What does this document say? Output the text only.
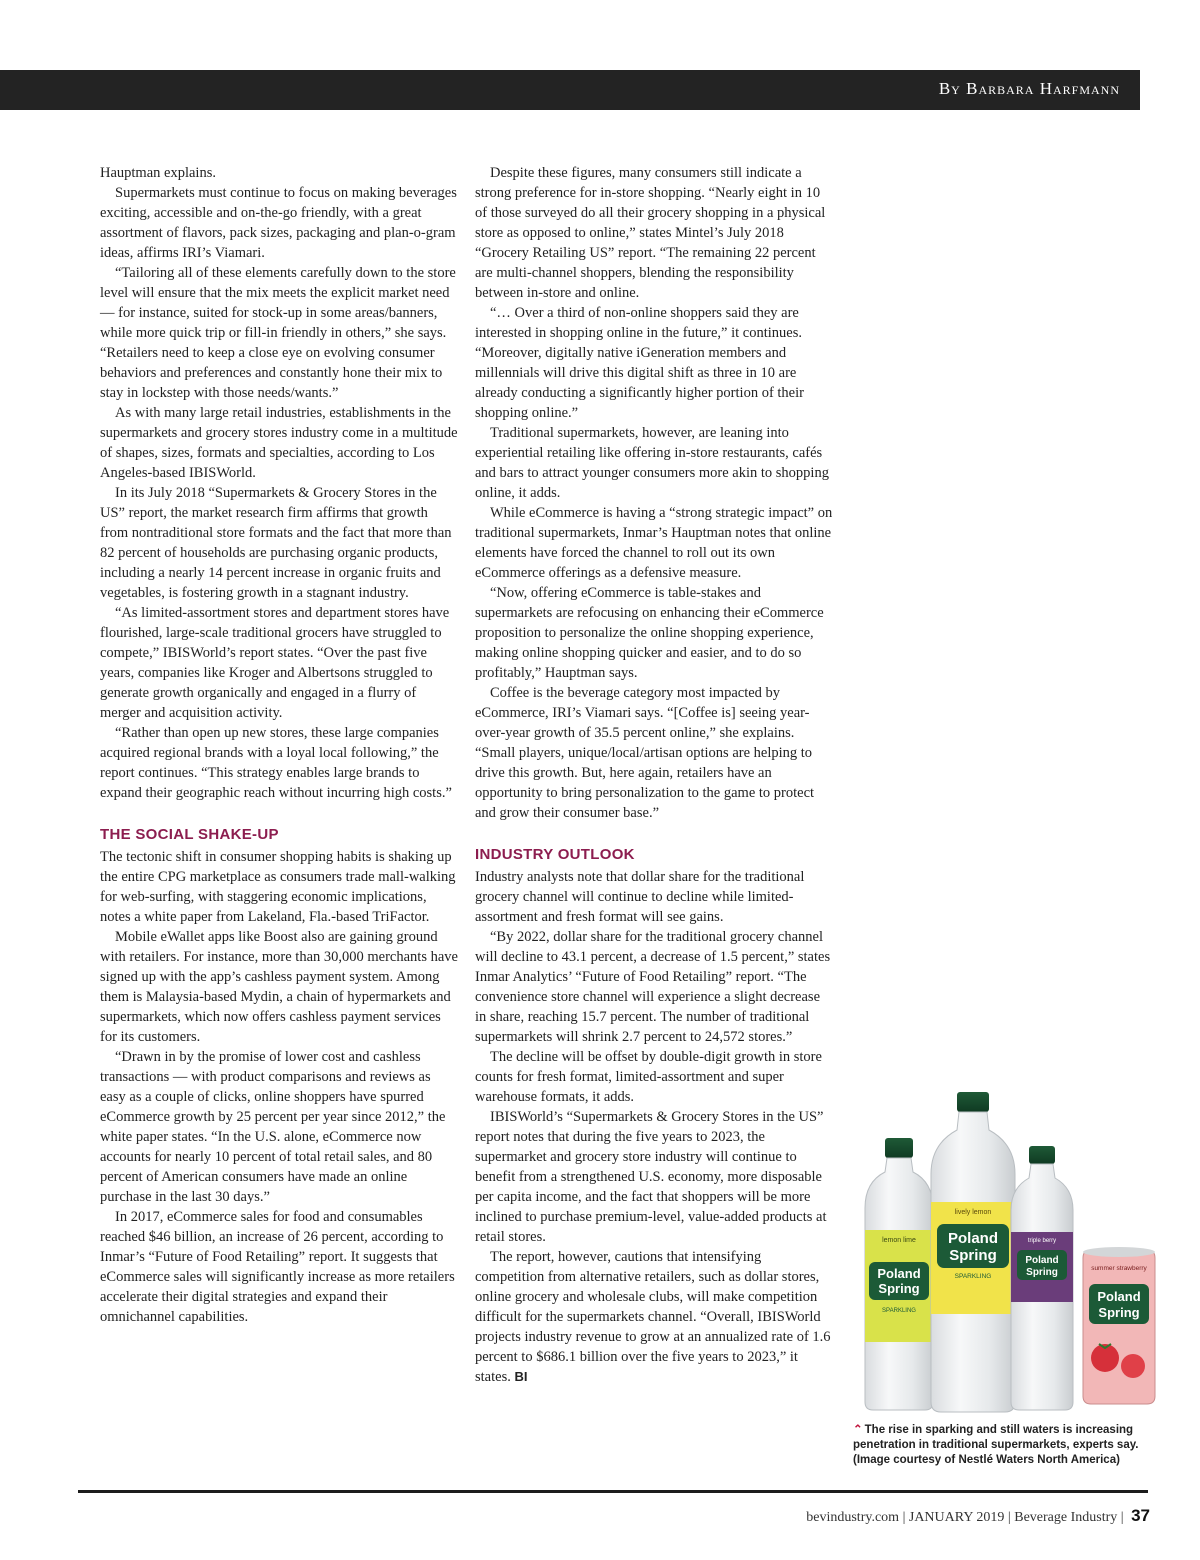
By Barbara Harfmann

Hauptman explains.

Supermarkets must continue to focus on making beverages exciting, accessible and on-the-go friendly, with a great assortment of flavors, pack sizes, packaging and plan-o-gram ideas, affirms IRI’s Viamari.

“Tailoring all of these elements carefully down to the store level will ensure that the mix meets the explicit market need — for instance, suited for stock-up in some areas/banners, while more quick trip or fill-in friendly in others,” she says. “Retailers need to keep a close eye on evolving consumer behaviors and preferences and constantly hone their mix to stay in lockstep with those needs/wants.”

As with many large retail industries, establishments in the supermarkets and grocery stores industry come in a multitude of shapes, sizes, formats and specialties, according to Los Angeles-based IBISWorld.

In its July 2018 “Supermarkets & Grocery Stores in the US” report, the market research firm affirms that growth from nontraditional store formats and the fact that more than 82 percent of households are purchasing organic products, including a nearly 14 percent increase in organic fruits and vegetables, is fostering growth in a stagnant industry.

“As limited-assortment stores and department stores have flourished, large-scale traditional grocers have struggled to compete,” IBISWorld’s report states. “Over the past five years, companies like Kroger and Albertsons struggled to generate growth organically and engaged in a flurry of merger and acquisition activity.

“Rather than open up new stores, these large companies acquired regional brands with a loyal local following,” the report continues. “This strategy enables large brands to expand their geographic reach without incurring high costs.”

THE SOCIAL SHAKE-UP

The tectonic shift in consumer shopping habits is shaking up the entire CPG marketplace as consumers trade mall-walking for web-surfing, with staggering economic implications, notes a white paper from Lakeland, Fla.-based TriFactor.

Mobile eWallet apps like Boost also are gaining ground with retailers. For instance, more than 30,000 merchants have signed up with the app’s cashless payment system. Among them is Malaysia-based Mydin, a chain of hypermarkets and supermarkets, which now offers cashless payment services for its customers.

“Drawn in by the promise of lower cost and cashless transactions — with product comparisons and reviews as easy as a couple of clicks, online shoppers have spurred eCommerce growth by 25 percent per year since 2012,” the white paper states. “In the U.S. alone, eCommerce now accounts for nearly 10 percent of total retail sales, and 80 percent of American consumers have made an online purchase in the last 30 days.”

In 2017, eCommerce sales for food and consumables reached $46 billion, an increase of 26 percent, according to Inmar’s “Future of Food Retailing” report. It suggests that eCommerce sales will significantly increase as more retailers accelerate their digital strategies and expand their omnichannel capabilities.

Despite these figures, many consumers still indicate a strong preference for in-store shopping. “Nearly eight in 10 of those surveyed do all their grocery shopping in a physical store as opposed to online,” states Mintel’s July 2018 “Grocery Retailing US” report. “The remaining 22 percent are multi-channel shoppers, blending the responsibility between in-store and online.

“… Over a third of non-online shoppers said they are interested in shopping online in the future,” it continues. “Moreover, digitally native iGeneration members and millennials will drive this digital shift as three in 10 are already conducting a significantly higher portion of their shopping online.”

Traditional supermarkets, however, are leaning into experiential retailing like offering in-store restaurants, cafés and bars to attract younger consumers more akin to shopping online, it adds.

While eCommerce is having a “strong strategic impact” on traditional supermarkets, Inmar’s Hauptman notes that online elements have forced the channel to roll out its own eCommerce offerings as a defensive measure.

“Now, offering eCommerce is table-stakes and supermarkets are refocusing on enhancing their eCommerce proposition to personalize the online shopping experience, making online shopping quicker and easier, and to do so profitably,” Hauptman says.

Coffee is the beverage category most impacted by eCommerce, IRI’s Viamari says. “[Coffee is] seeing year-over-year growth of 35.5 percent online,” she explains. “Small players, unique/local/artisan options are helping to drive this growth. But, here again, retailers have an opportunity to bring personalization to the game to protect and grow their consumer base.”

INDUSTRY OUTLOOK

Industry analysts note that dollar share for the traditional grocery channel will continue to decline while limited-assortment and fresh format will see gains.

“By 2022, dollar share for the traditional grocery channel will decline to 43.1 percent, a decrease of 1.5 percent,” states Inmar Analytics’ “Future of Food Retailing” report. “The convenience store channel will experience a slight decrease in share, reaching 15.7 percent. The number of traditional supermarkets will shrink 2.7 percent to 24,572 stores.”

The decline will be offset by double-digit growth in store counts for fresh format, limited-assortment and super warehouse formats, it adds.

IBISWorld’s “Supermarkets & Grocery Stores in the US” report notes that during the five years to 2023, the supermarket and grocery store industry will continue to benefit from a strengthened U.S. economy, more disposable per capita income, and the fact that shoppers will be more inclined to purchase premium-level, value-added products at retail stores.

The report, however, cautions that intensifying competition from alternative retailers, such as dollar stores, online grocery and wholesale clubs, will make competition difficult for the supermarkets channel. “Overall, IBISWorld projects industry revenue to grow at an annualized rate of 1.6 percent to $686.1 billion over the five years to 2023,” it states. BI

lemon lime
Poland
Spring
SPARKLING
lively lemon
Poland
Spring
SPARKLING
triple berry
Poland
Spring	summer strawberry
Poland
Spring
⌃ The rise in sparking and still waters is increasing penetration in traditional supermarkets, experts say. (Image courtesy of Nestlé Waters North America)
bevindustry.com | JANUARY 2019 | Beverage Industry | 37
